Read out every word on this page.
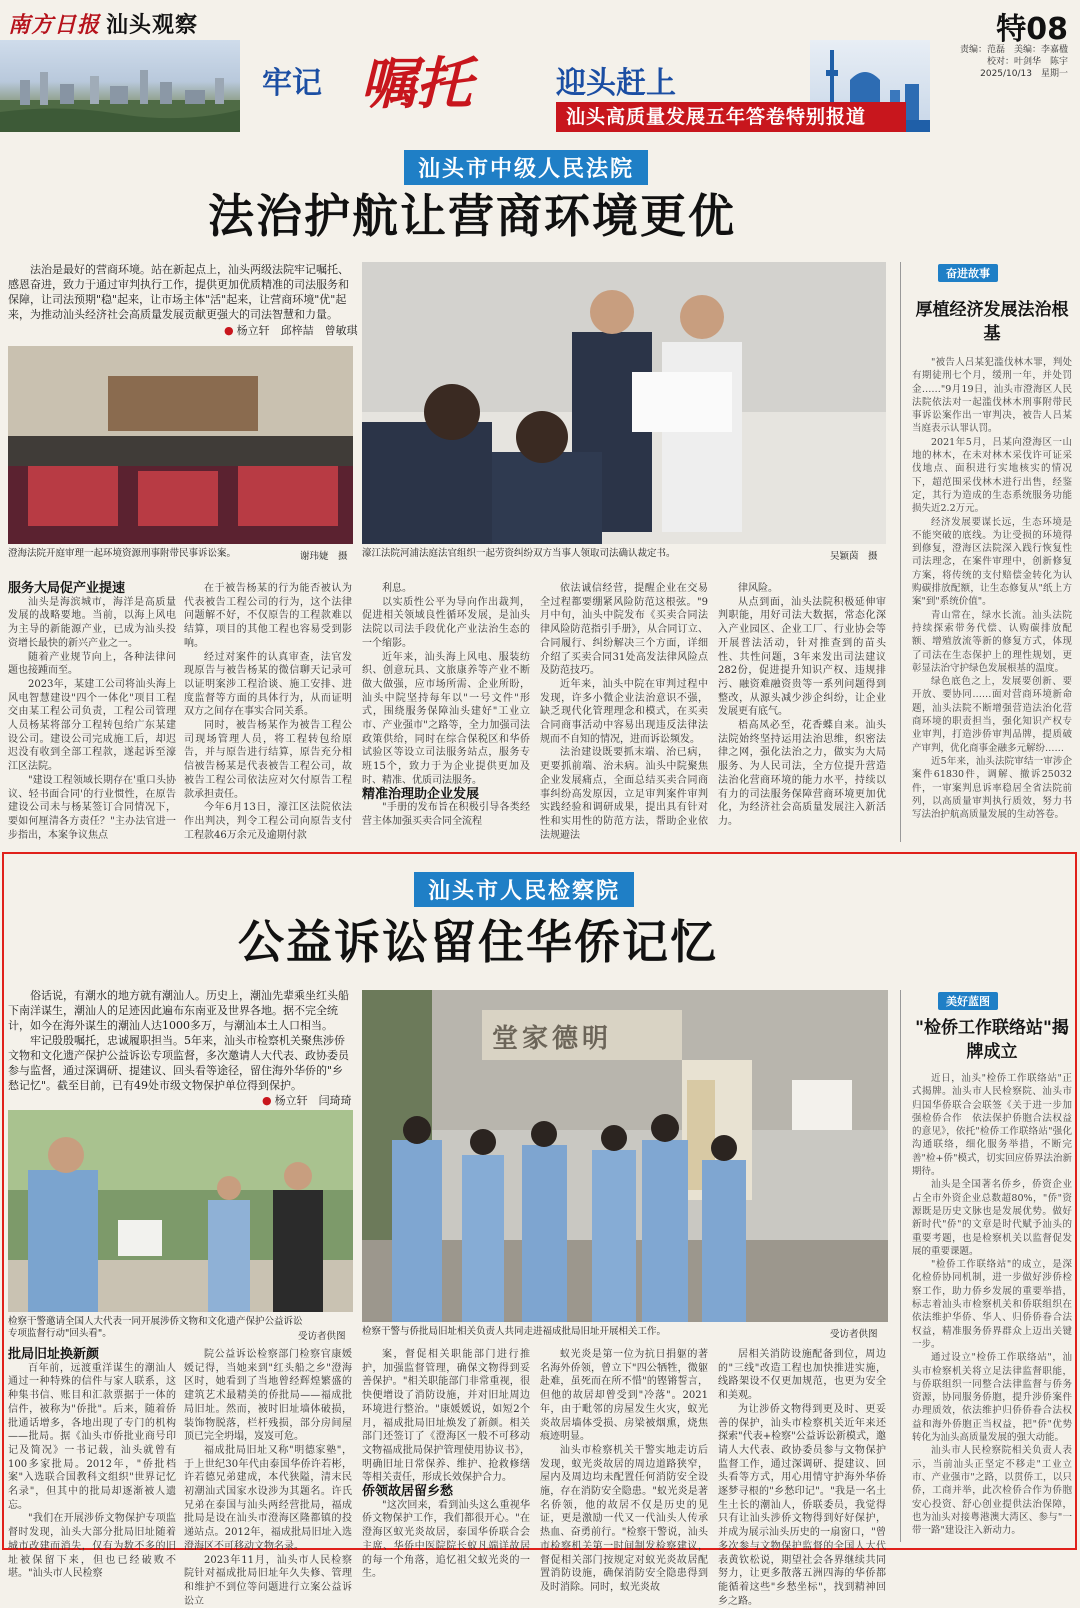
南方日报 汕头观察	特08
责编：范磊　美编：李嘉楹
校对：叶剑华　陈宇
2025/10/13　星期一
牢记 嘱托	迎头赶上
汕头高质量发展五年答卷特别报道
汕头市中级人民法院
法治护航让营商环境更优
法治是最好的营商环境。站在新起点上，汕头两级法院牢记嘱托、感恩奋进，致力于通过审判执行工作，提供更加优质精准的司法服务和保障，让司法预期"稳"起来，让市场主体"活"起来，让营商环境"优"起来，为推动汕头经济社会高质量发展贡献更强大的司法智慧和力量。
● 杨立轩　邱梓喆　曾敏琪
澄海法院开庭审理一起环境资源刑事附带民事诉讼案。	谢玮婕　摄 濠江法院河浦法庭法官组织一起劳资纠纷双方当事人领取司法确认裁定书。	吴颖茵　摄

服务大局促产业提速

汕头是海滨城市，海洋是高质量发展的战略要地。当前，以海上风电为主导的新能源产业，已成为汕头投资增长最快的新兴产业之一。

随着产业规节向上，各种法律问题也接踵而至。

2023年，某建工公司将汕头海上风电智慧建设"四个一体化"项目工程交由某工程公司负责，工程公司管理人员杨某将部分工程转包给广东某建设公司。建设公司完成施工后，却迟迟没有收到全部工程款，遂起诉至濠江区法院。

"建设工程领域长期存在'重口头协议、轻书面合同'的行业惯性，在原告建设公司未与杨某签订合同情况下，要如何厘清各方责任？"主办法官进一步指出，本案争议焦点

在于被告杨某的行为能否被认为代表被告工程公司的行为，这个法律问题解不好，不仅原告的工程款难以结算，项目的其他工程也容易受到影响。

经过对案件的认真审查，法官发现原告与被告杨某的微信聊天记录可以证明案涉工程洽谈、施工安排、进度监督等方面的具体行为，从而证明双方之间存在事实合同关系。

同时，被告杨某作为被告工程公司现场管理人员，将工程转包给原告，并与原告进行结算，原告充分相信被告杨某是代表被告工程公司，故被告工程公司依法应对欠付原告工程款承担责任。

今年6月13日，濠江区法院依法作出判决，判令工程公司向原告支付工程款46万余元及逾期付款

利息。

以实质性公平为导向作出裁判，促进相关领域良性循环发展，是汕头法院以司法手段优化产业法治生态的一个缩影。

近年来，汕头海上风电、服装纺织、创意玩具、文旅康养等产业不断做大做强，应市场所需、企业所盼，汕头中院坚持每年以"一号文件"形式，围绕服务保障汕头建好"工业立市、产业强市"之路等，全力加强司法政策供给，同时在综合保税区和华侨试验区等设立司法服务站点，服务专班15个，致力于为企业提供更加及时、精准、优质司法服务。

精准治理助企业发展

"手册的发布旨在积极引导各类经营主体加强买卖合同全流程

依法诚信经营，提醒企业在交易全过程都要绷紧风险防范这根弦。"9月中旬，汕头中院发布《买卖合同法律风险防范指引手册》，从合同订立、合同履行、纠纷解决三个方面，详细介绍了买卖合同31处高发法律风险点及防范技巧。

近年来，汕头中院在审判过程中发现，许多小微企业法治意识不强，缺乏现代化管理理念和模式，在买卖合同商事活动中容易出现违反法律法规而不自知的情况，进而诉讼频发。

法治建设既要抓末端、治已病，更要抓前端、治未病。汕头中院聚焦企业发展痛点，全面总结买卖合同商事纠纷高发原因，立足审判案件审判实践经验和调研成果，提出具有针对性和实用性的防范方法，帮助企业依法规避法

律风险。

从点到面，汕头法院积极延伸审判职能，用好司法大数据，常态化深入产业园区、企业工厂、行业协会等开展普法活动，针对推查到的苗头性、共性问题，3年来发出司法建议282份，促进提升知识产权、违规排污、融资难融资贵等一系列问题得到整改，从源头减少涉企纠纷，让企业发展更有底气。

梧高凤必至，花香蝶自来。汕头法院始终坚持运用法治思维，织密法律之网，强化法治之力，做实为大局服务、为人民司法，全方位提升营造法治化营商环境的能力水平，持续以有力的司法服务保障营商环境更加优化，为经济社会高质量发展注入新活力。

奋进故事
厚植经济发展法治根基

"被告人吕某犯滥伐林木罪，判处有期徒刑七个月，缓刑一年，并处罚金……"9月19日，汕头市澄海区人民法院依法对一起滥伐林木刑事附带民事诉讼案作出一审判决，被告人吕某当庭表示认罪认罚。

2021年5月，吕某向澄海区一山地的林木，在未对林木采伐许可证采伐地点、面积进行实地核实的情况下，超范围采伐林木进行出售，经鉴定，其行为造成的生态系统服务功能损失近2.2万元。

经济发展要谋长远，生态环境是不能突破的底线。为让受损的环境得到修复，澄海区法院深入践行恢复性司法理念，在案件审理中，创新修复方案，将传统的支付赔偿金转化为认购碳排放配额，让生态修复从"纸上方案"到"系统价值"。

青山常在，绿水长流。汕头法院持续探索带务代偿、认购碳排放配额、增殖放流等新的修复方式，体现了司法在生态保护上的理性规划，更彰显法治守护绿色发展根基的温度。

绿色底色之上，发展要创新、要开放、要协同……面对营商环境新命题，汕头法院不断增强营造法治化营商环境的职责担当，强化知识产权专业审判，打造涉侨审判品牌，提质破产审判，优化商事金融多元解纷……

近5年来，汕头法院审结一审涉企案件61830件，调解、撤诉25032件，一审案判息诉率稳居全省法院前列，以高质量审判执行质效，努力书写法治护航高质量发展的生动答卷。

汕头市人民检察院
公益诉讼留住华侨记忆
俗话说，有潮水的地方就有潮汕人。历史上，潮汕先辈乘坐红头船下南洋谋生，潮汕人的足迹因此遍布东南亚及世界各地。据不完全统计，如今在海外谋生的潮汕人达1000多万，与潮汕本土人口相当。
牢记殷殷嘱托，忠诚履职担当。5年来，汕头市检察机关聚焦涉侨文物和文化遗产保护公益诉讼专项监督，多次邀请人大代表、政协委员参与监督，通过深调研、提建议、回头看等途径，留住海外华侨的"乡愁记忆"。截至目前，已有49处市级文物保护单位得到保护。
● 杨立轩　闫琦琦
检察干警邀请全国人大代表一同开展涉侨文物和文化遗产保护公益诉讼专项监督行动"回头看"。	受访者供图
堂家德明
检察干警与侨批局旧址相关负责人共同走进福成批局旧址开展相关工作。	受访者供图

批局旧址换新颜

百年前，远渡重洋谋生的潮汕人通过一种特殊的信件与家人联系，这种集书信、账目和汇款票据于一体的信件，被称为"侨批"。后来，随着侨批通话增多，各地出现了专门的机构——批局。据《汕头市侨批业商号印记及简况》一书记载，汕头就曾有100多家批局。2012年，"侨批档案"入选联合国教科文组织"世界记忆名录"，但其中的批局却逐渐被人遗忘。

"我们在开展涉侨文物保护专项监督时发现，汕头大部分批局旧址随着城市改建而消失，仅有为数不多的旧址被保留下来，但也已经破败不堪。"汕头市人民检察

院公益诉讼检察部门检察官康媛媛记得，当她来到"红头船之乡"澄海区时，她看到了当地曾经辉煌繁盛的建筑艺术最精美的侨批局——福成批局旧址。然而，被时旧址墙体破损，装饰物脱落，栏杆残损，部分房间屋顶已完全坍塌，岌岌可危。

福成批局旧址又称"明德家塾"，于上世纪30年代由泰国华侨许若彬，许若德兄弟建成，本代狭隘，清末民初潮汕式国家水设涉为其题名。许氏兄弟在泰国与汕头两经营批局，福成批局是设在汕头市澄海区隆都镇的投递站点。2012年，福成批局旧址入选澄海区不可移动文物名录。

2023年11月，汕头市人民检察院针对福成批局旧址年久失修、管理和维护不到位等问题进行立案公益诉讼立

案，督促相关职能部门进行推护，加强监督管理，确保文物得到妥善保护。"相关职能部门非常重视，很快便增设了消防设施，并对旧址周边环境进行整治。"康媛媛说，如短2个月，福成批局旧址焕发了新颜。相关部门还签订了《澄海区一般不可移动文物福成批局保护管理使用协议书》，明确旧址日常保养、维护、抢救修缮等相关责任，形成长效保护合力。

侨领故居留乡愁

"这次回来，看到汕头这么重视华侨文物保护工作，我们都很开心。"在澄海区蚁光炎故居，泰国华侨联合会主席、华侨中医院院长蚁凡端详故居的每一个角落，追忆祖父蚁光炎的一生。

蚁光炎是第一位为抗日捐躯的著名海外侨领，曾立下"四公牺牲，微躯赴难，虽死而在所不惜"的铿锵誓言，但他的故居却曾受到"冷落"。2021年，由于毗邻的房屋发生火灾，蚁光炎故居墙体受损、房梁被烟熏，烧焦痕迹明显。

汕头市检察机关干警实地走访后发现，蚁光炎故居的周边道路狭窄，屋内及周边均未配置任何消防安全设施，存在消防安全隐患。"蚁光炎是著名侨领，他的故居不仅是历史的见证，更是激励一代又一代汕头人传承热血、奋勇前行。"检察干警说，汕头市检察机关第一时间制发检察建议，督促相关部门按规定对蚁光炎故居配置消防设施，确保消防安全隐患得到及时消除。同时，蚁光炎故

居相关消防设施配备到位，周边的"三线"改造工程也加快推进实施，线路架设不仅更加规范，也更为安全和美观。

为让涉侨文物得到更及时、更妥善的保护，汕头市检察机关近年来还探索"代表+检察"公益诉讼新模式，邀请人大代表、政协委员参与文物保护监督工作，通过深调研、提建议、回头看等方式，用心用情守护海外华侨逐梦寻根的"乡愁印记"。"我是一名土生土长的潮汕人，侨联委员，我觉得只有让汕头涉侨文物得到好好保护，并成为展示汕头历史的一扇窗口，"曾多次参与文物保护监督的全国人大代表黄钦松说，期望社会各界继续共同努力，让更多散落五洲四海的华侨都能循着这些"乡愁坐标"，找到精神回乡之路。

美好蓝图
"检侨工作联络站"揭牌成立

近日，汕头"检侨工作联络站"正式揭牌。汕头市人民检察院、汕头市归国华侨联合会联签《关于进一步加强检侨合作　依法保护侨胞合法权益的意见》，依托"检侨工作联络站"强化沟通联络，细化服务举措，不断完善"检+侨"模式，切实回应侨界法治新期待。

汕头是全国著名侨乡，侨资企业占全市外资企业总数超80%，"侨"资源既是历史文脉也是发展优势。做好新时代"侨"的文章是时代赋予汕头的重要考题，也是检察机关以监督促发展的重要课题。

"检侨工作联络站"的成立，是深化检侨协同机制，进一步做好涉侨检察工作，助力侨乡发展的重要举措，标志着汕头市检察机关和侨联组织在依法维护华侨、华人、归侨侨眷合法权益，精准服务侨界群众上迈出关键一步。

通过设立"检侨工作联络站"，汕头市检察机关将立足法律监督职能，与侨联组织一同整合法律监督与侨务资源，协同服务侨胞，提升涉侨案件办理质效，依法维护归侨侨眷合法权益和海外侨胞正当权益，把"侨"优势转化为汕头高质量发展的强大动能。

汕头市人民检察院相关负责人表示，当前汕头正坚定不移走"工业立市、产业强市"之路，以贯侨工，以只侨，工商并举，此次检侨合作为侨胞安心投资、舒心创业提供法治保障，也为汕头对接粤港澳大湾区、参与"一带一路"建设注入新动力。
